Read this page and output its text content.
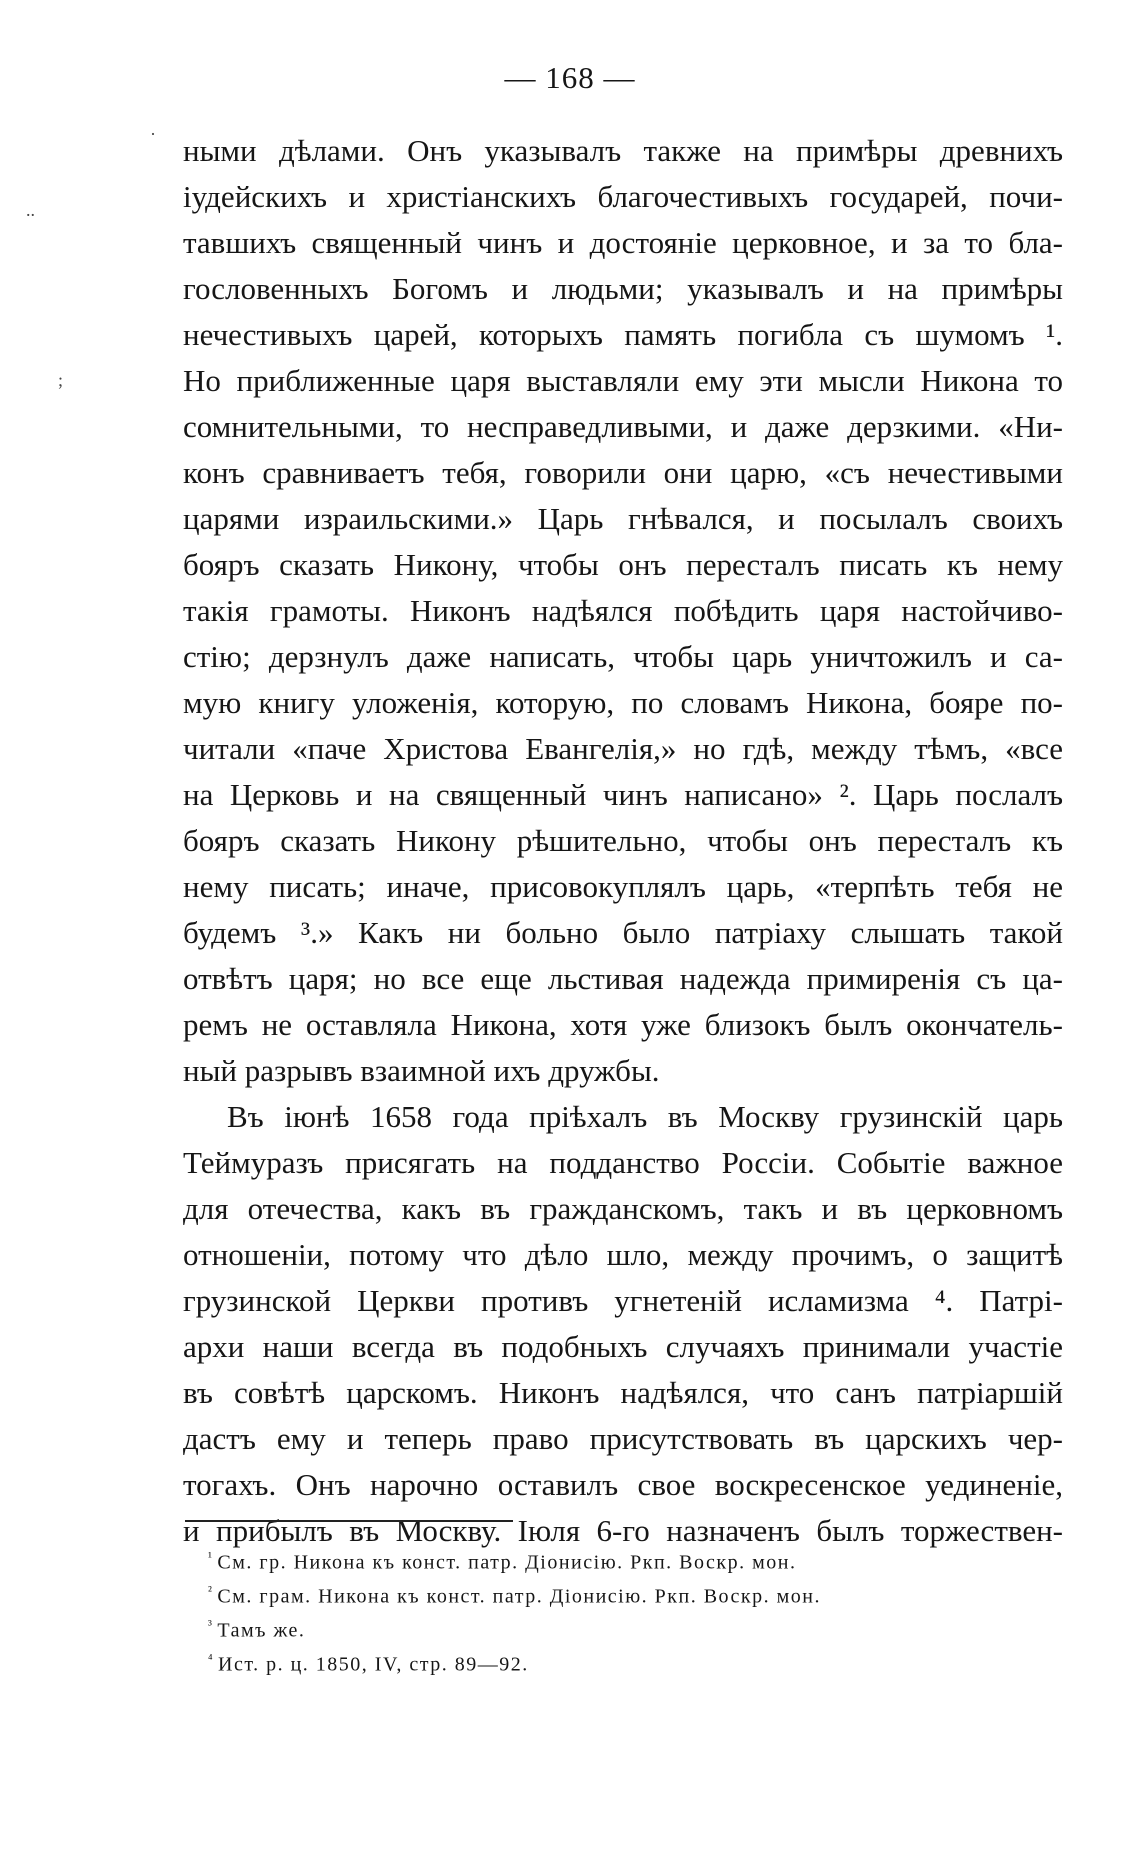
— 168 —
ными дѣлами. Онъ указывалъ также на примѣры древнихъ
іудейскихъ и христіанскихъ благочестивыхъ государей, почи-
тавшихъ священный чинъ и достояніе церковное, и за то бла-
гословенныхъ Богомъ и людьми; указывалъ и на примѣры
нечестивыхъ царей, которыхъ память погибла съ шумомъ ¹.
Но приближенные царя выставляли ему эти мысли Никона то
сомнительными, то несправедливыми, и даже дерзкими. «Ни-
конъ сравниваетъ тебя, говорили они царю, «съ нечестивыми
царями израильскими.» Царь гнѣвался, и посылалъ своихъ
бояръ сказать Никону, чтобы онъ пересталъ писать къ нему
такія грамоты. Никонъ надѣялся побѣдить царя настойчиво-
стію; дерзнулъ даже написать, чтобы царь уничтожилъ и са-
мую книгу уложенія, которую, по словамъ Никона, бояре по-
читали «паче Христова Евангелія,» но гдѣ, между тѣмъ, «все
на Церковь и на священный чинъ написано» ². Царь послалъ
бояръ сказать Никону рѣшительно, чтобы онъ пересталъ къ
нему писать; иначе, присовокуплялъ царь, «терпѣть тебя не
будемъ ³.» Какъ ни больно было патріаху слышать такой
отвѣтъ царя; но все еще льстивая надежда примиренія съ ца-
ремъ не оставляла Никона, хотя уже близокъ былъ окончатель-
ный разрывъ взаимной ихъ дружбы.
Въ іюнѣ 1658 года пріѣхалъ въ Москву грузинскій царь
Теймуразъ присягать на подданство Россіи. Событіе важное
для отечества, какъ въ гражданскомъ, такъ и въ церковномъ
отношеніи, потому что дѣло шло, между прочимъ, о защитѣ
грузинской Церкви противъ угнетеній исламизма ⁴. Патрі-
архи наши всегда въ подобныхъ случаяхъ принимали участіе
въ совѣтѣ царскомъ. Никонъ надѣялся, что санъ патріаршій
дастъ ему и теперь право присутствовать въ царскихъ чер-
тогахъ. Онъ нарочно оставилъ свое воскресенское уединеніе,
и прибылъ въ Москву. Іюля 6-го назначенъ былъ торжествен-
$^{^1}$ См. гр. Никона къ конст. патр. Діонисію. Ркп. Воскр. мон.
$^{^2}$ См. грам. Никона къ конст. патр. Діонисію. Ркп. Воскр. мон.
$^{^3}$ Тамъ же.
$^{^4}$ Ист. р. ц. 1850, IV, стр. 89—92.
·
..
;
